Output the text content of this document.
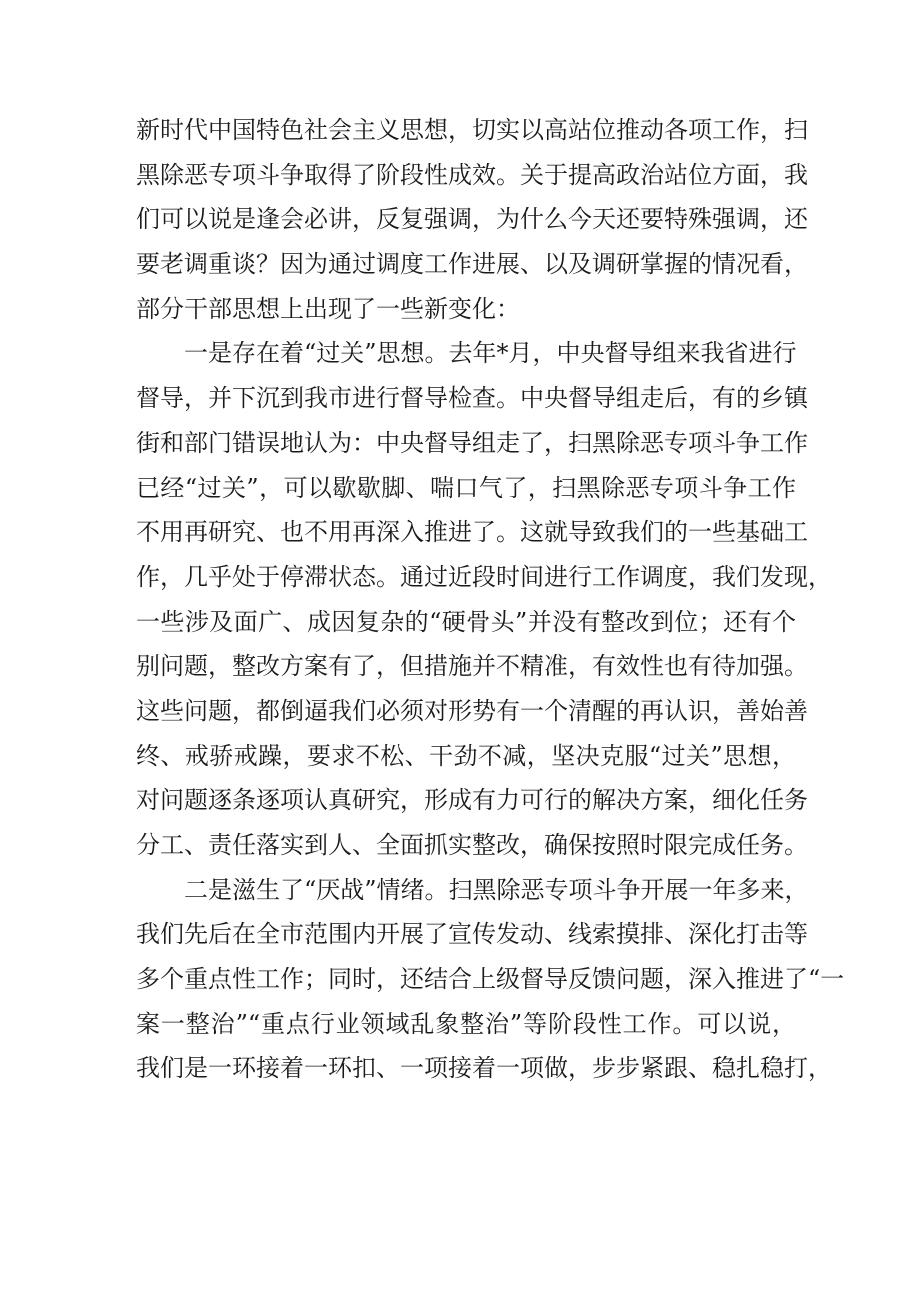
新时代中国特色社会主义思想，切实以高站位推动各项工作，扫
黑除恶专项斗争取得了阶段性成效。关于提高政治站位方面，我
们可以说是逢会必讲，反复强调，为什么今天还要特殊强调，还
要老调重谈？因为通过调度工作进展、以及调研掌握的情况看，
部分干部思想上出现了一些新变化：
一是存在着“过关”思想。去年*月，中央督导组来我省进行
督导，并下沉到我市进行督导检查。中央督导组走后，有的乡镇
街和部门错误地认为：中央督导组走了，扫黑除恶专项斗争工作
已经“过关”，可以歇歇脚、喘口气了，扫黑除恶专项斗争工作
不用再研究、也不用再深入推进了。这就导致我们的一些基础工
作，几乎处于停滞状态。通过近段时间进行工作调度，我们发现，
一些涉及面广、成因复杂的“硬骨头”并没有整改到位；还有个
别问题，整改方案有了，但措施并不精准，有效性也有待加强。
这些问题，都倒逼我们必须对形势有一个清醒的再认识，善始善
终、戒骄戒躁，要求不松、干劲不减，坚决克服“过关”思想，
对问题逐条逐项认真研究，形成有力可行的解决方案，细化任务
分工、责任落实到人、全面抓实整改，确保按照时限完成任务。
二是滋生了“厌战”情绪。扫黑除恶专项斗争开展一年多来，
我们先后在全市范围内开展了宣传发动、线索摸排、深化打击等
多个重点性工作；同时，还结合上级督导反馈问题，深入推进了“一
案一整治”“重点行业领域乱象整治”等阶段性工作。可以说，
我们是一环接着一环扣、一项接着一项做，步步紧跟、稳扎稳打，
